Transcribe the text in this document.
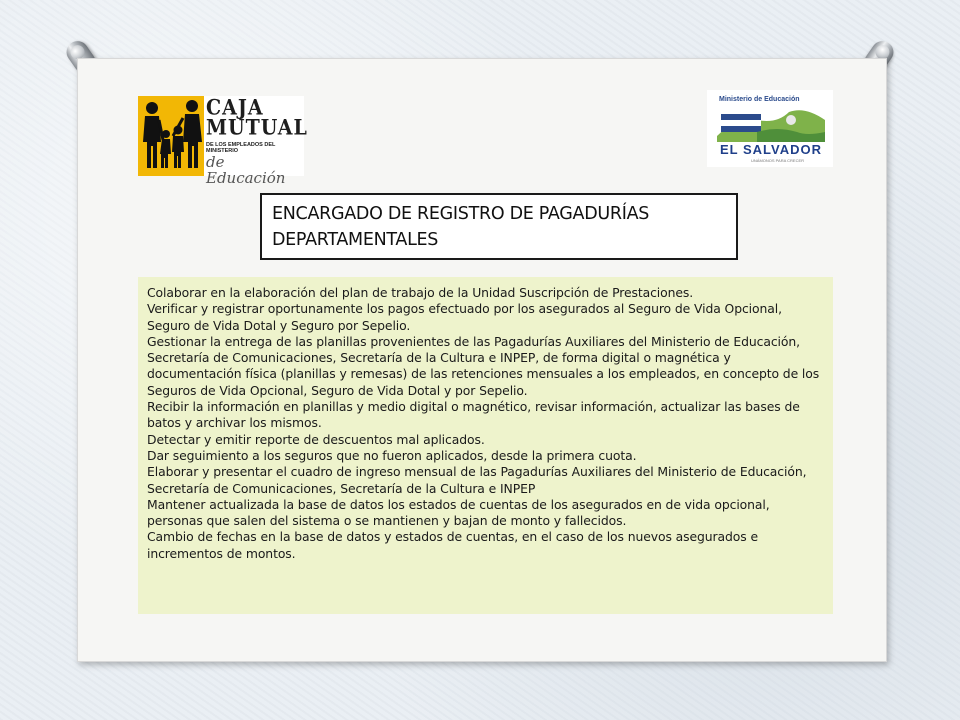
CAJA
MUTUAL
DE LOS EMPLEADOS DEL MINISTERIO
de Educación
Ministerio de Educación
EL SALVADOR
UNÁMONOS PARA CRECER
ENCARGADO DE REGISTRO DE PAGADURÍAS DEPARTAMENTALES

Colaborar en la elaboración del plan de trabajo de la Unidad Suscripción de Prestaciones.

Verificar y registrar oportunamente los pagos efectuado por los asegurados al Seguro de Vida Opcional, Seguro de Vida Dotal y Seguro por Sepelio.

Gestionar la entrega de las planillas provenientes de las Pagadurías Auxiliares del Ministerio de Educación, Secretaría de Comunicaciones, Secretaría de la Cultura e INPEP, de forma digital o magnética y documentación física (planillas y remesas) de las retenciones mensuales a los empleados, en concepto de los Seguros de Vida Opcional, Seguro de Vida Dotal y por Sepelio.

Recibir la información en planillas y medio digital o magnético, revisar información, actualizar las bases de batos y archivar los mismos.

Detectar y emitir reporte de descuentos mal aplicados.

Dar seguimiento a los seguros que no fueron aplicados, desde la primera cuota.

Elaborar y presentar el cuadro de ingreso mensual de las Pagadurías Auxiliares del Ministerio de Educación, Secretaría de Comunicaciones, Secretaría de la Cultura e INPEP

Mantener actualizada la base de datos los estados de cuentas de los asegurados en de vida opcional, personas que salen del sistema o se mantienen y bajan de monto y fallecidos.

Cambio de fechas en la base de datos y estados de cuentas, en el caso de los nuevos asegurados e incrementos de montos.
